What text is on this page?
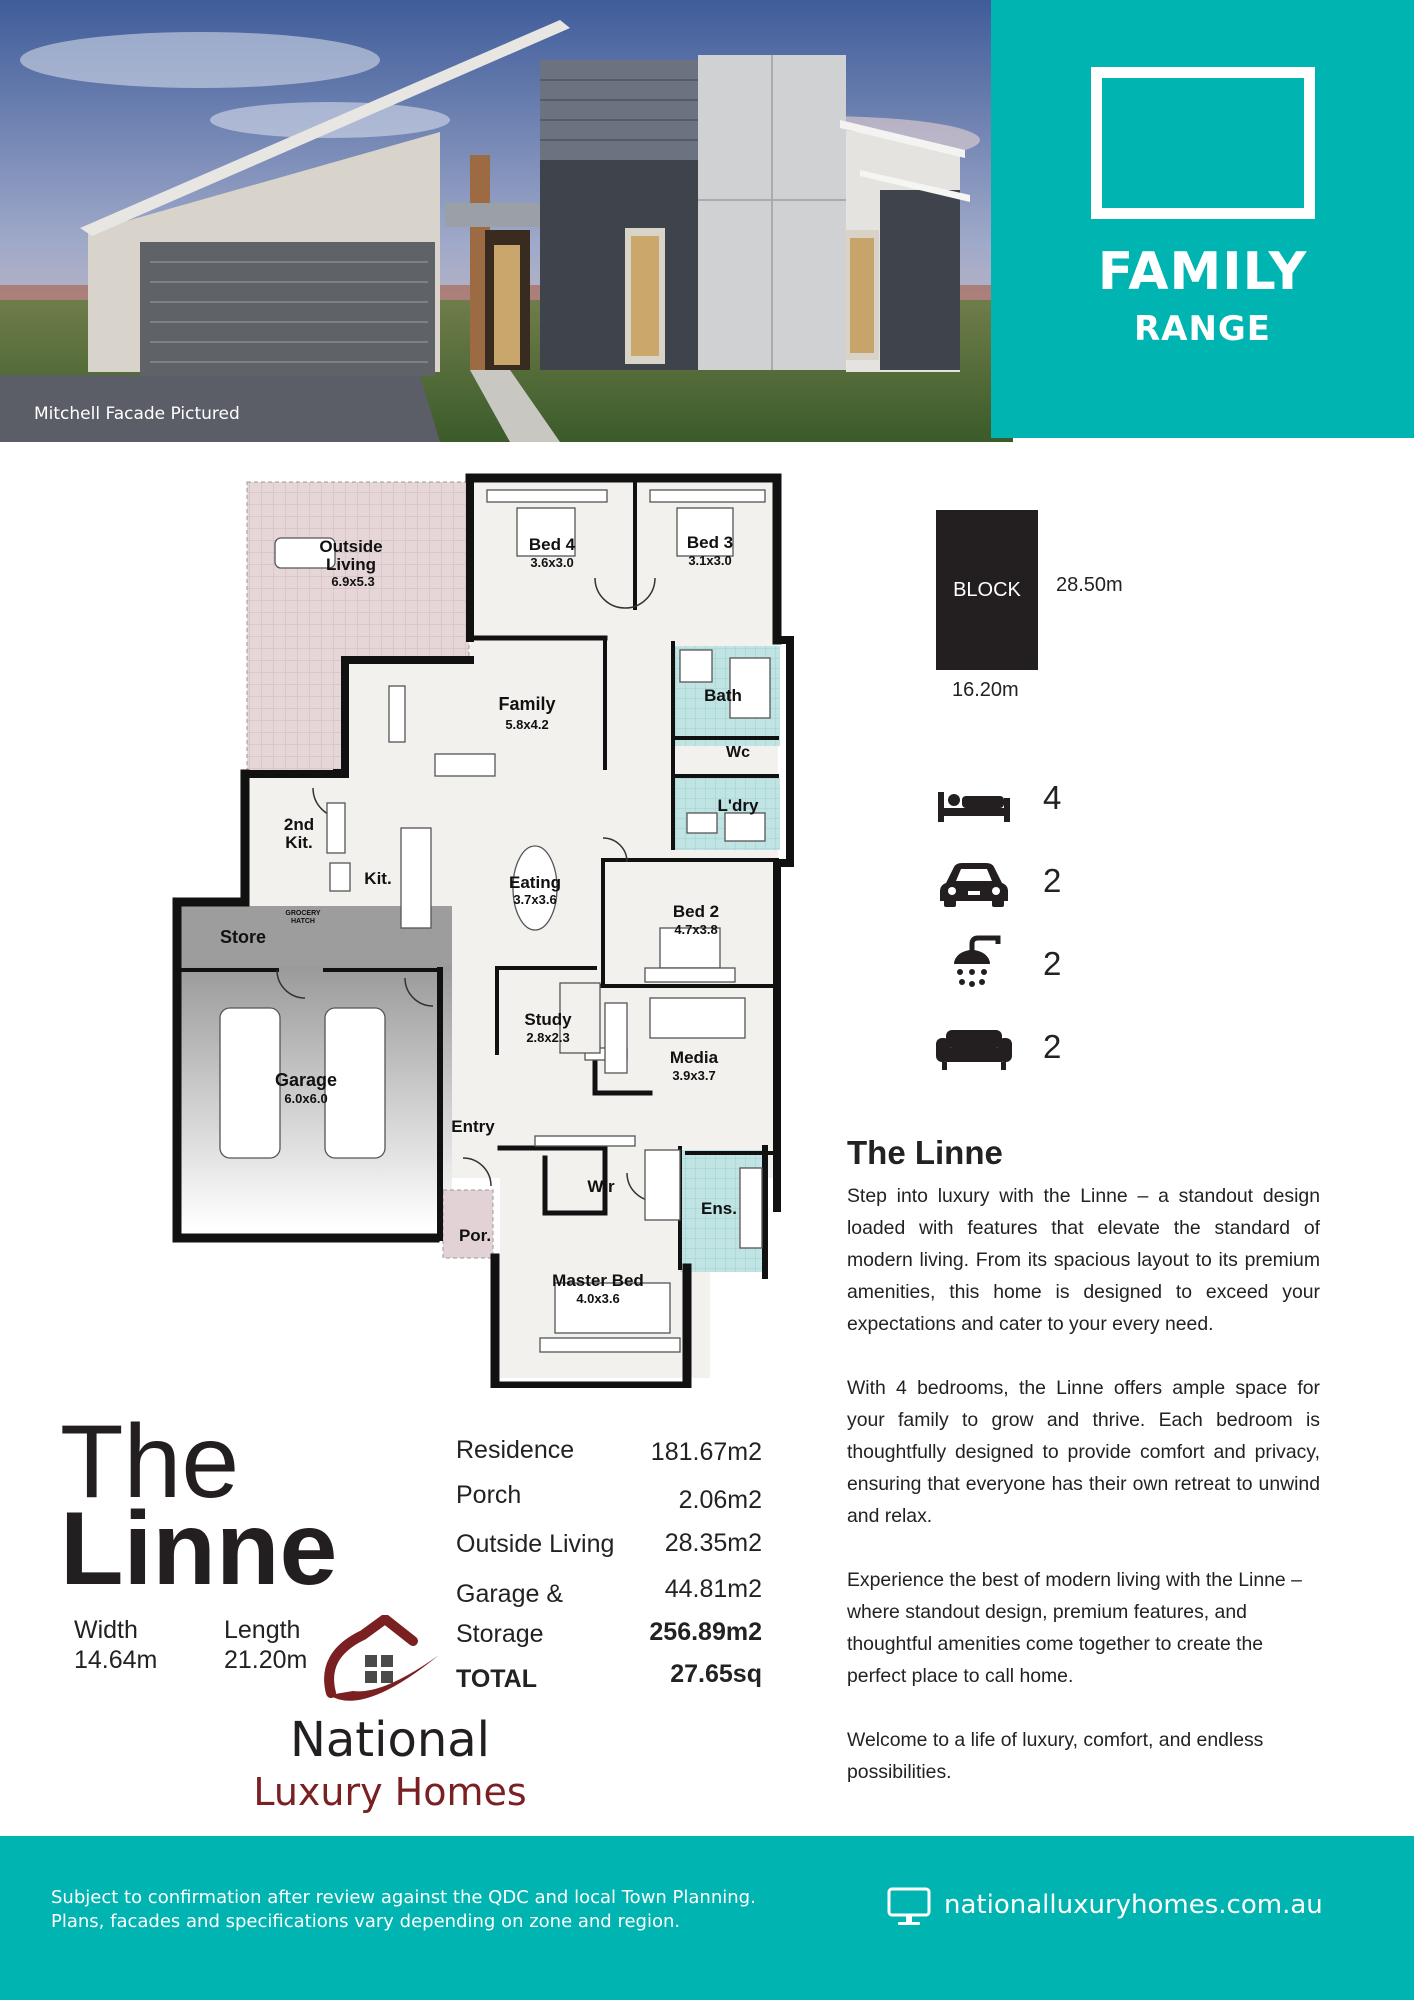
Mitchell Facade Pictured
FAMILY
RANGE
Outside
Living
6.9x5.3
Bed 4
3.6x3.0
Bed 3
3.1x3.0
Family
5.8x4.2
Bath
Wc
L'dry
2nd
Kit.
Kit.	Eating
3.7x3.6
Bed 2
4.7x3.8
Store
GROCERY
HATCH
Study
2.8x2.3
Media
3.9x3.7
Garage
6.0x6.0
Entry
Wir
Ens.
Por.
Master Bed
4.0x3.6
BLOCK 28.50m
16.20m
4
2
2
2
The Linne

Step into luxury with the Linne – a standout design loaded with features that elevate the standard of modern living. From its spacious layout to its premium amenities, this home is designed to exceed your expectations and cater to your every need.

With 4 bedrooms, the Linne offers ample space for your family to grow and thrive. Each bedroom is thoughtfully designed to provide comfort and privacy, ensuring that everyone has their own retreat to unwind and relax.

Experience the best of modern living with the Linne – where standout design, premium features, and thoughtful amenities come together to create the perfect place to call home.

Welcome to a life of luxury, comfort, and endless possibilities.

The
Linne
Width
14.64m
Length
21.20m
Residence
Porch
Outside Living
Garage &
Storage
TOTAL
181.67m2
2.06m2
28.35m2
44.81m2
256.89m2
27.65sq
National
Luxury Homes
Subject to confirmation after review against the QDC and local Town Planning.
Plans, facades and specifications vary depending on zone and region.
nationalluxuryhomes.com.au
